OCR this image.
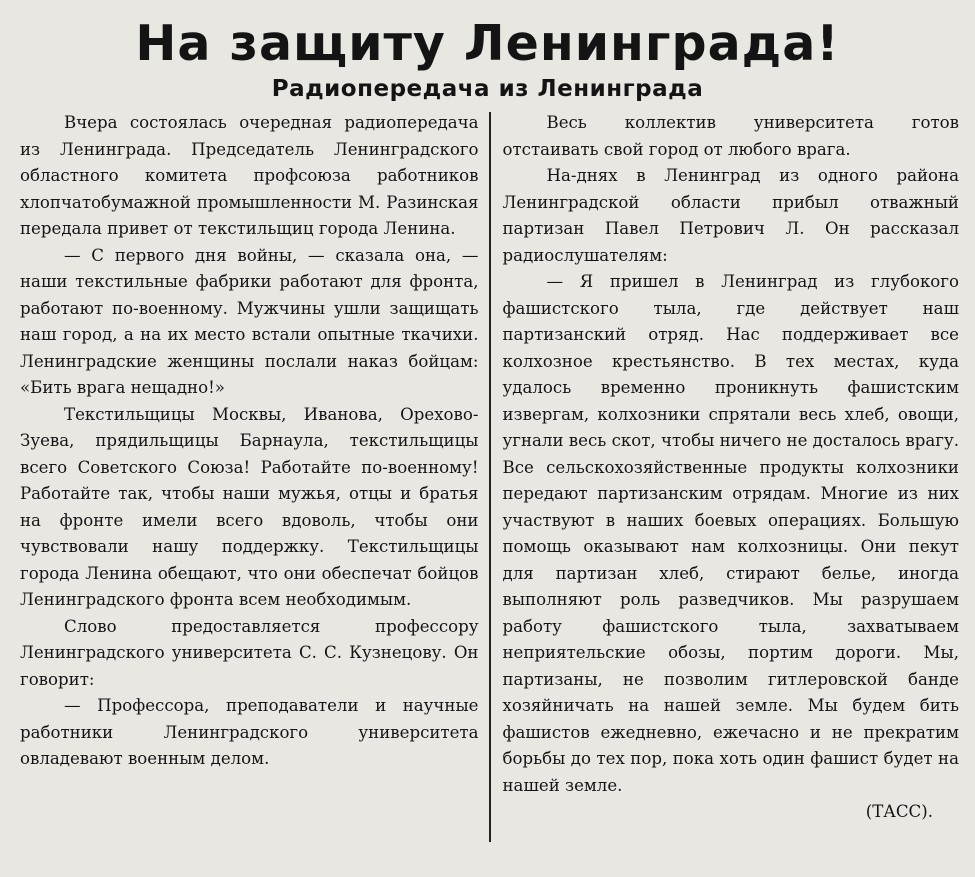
На защиту Ленинграда!
Радиопередача из Ленинграда

Вчера состоялась очередная радиопередача из Ленинграда. Председатель Ленинградского областного комитета профсоюза работников хлопчатобумажной промышленности М. Разинская передала привет от текстильщиц города Ленина.

— С первого дня войны, — сказала она, — наши текстильные фабрики работают для фронта, работают по-военному. Мужчины ушли защищать наш город, а на их место встали опытные ткачихи. Ленинградские женщины послали наказ бойцам: «Бить врага нещадно!»

Текстильщицы Москвы, Иванова, Орехово-Зуева, прядильщицы Барнаула, текстильщицы всего Советского Союза! Работайте по-военному! Работайте так, чтобы наши мужья, отцы и братья на фронте имели всего вдоволь, чтобы они чувствовали нашу поддержку. Текстильщицы города Ленина обещают, что они обеспечат бойцов Ленинградского фронта всем необходимым.

Слово предоставляется профессору Ленинградского университета С. С. Кузнецову. Он говорит:

— Профессора, преподаватели и научные работники Ленинградского университета овладевают военным делом.

Весь коллектив университета готов отстаивать свой город от любого врага.

На-днях в Ленинград из одного района Ленинградской области прибыл отважный партизан Павел Петрович Л. Он рассказал радиослушателям:

— Я пришел в Ленинград из глубокого фашистского тыла, где действует наш партизанский отряд. Нас поддерживает все колхозное крестьянство. В тех местах, куда удалось временно проникнуть фашистским извергам, колхозники спрятали весь хлеб, овощи, угнали весь скот, чтобы ничего не досталось врагу. Все сельскохозяйственные продукты колхозники передают партизанским отрядам. Многие из них участвуют в наших боевых операциях. Большую помощь оказывают нам колхозницы. Они пекут для партизан хлеб, стирают белье, иногда выполняют роль разведчиков. Мы разрушаем работу фашистского тыла, захватываем неприятельские обозы, портим дороги. Мы, партизаны, не позволим гитлеровской банде хозяйничать на нашей земле. Мы будем бить фашистов ежедневно, ежечасно и не прекратим борьбы до тех пор, пока хоть один фашист будет на нашей земле.

(ТАСС).
